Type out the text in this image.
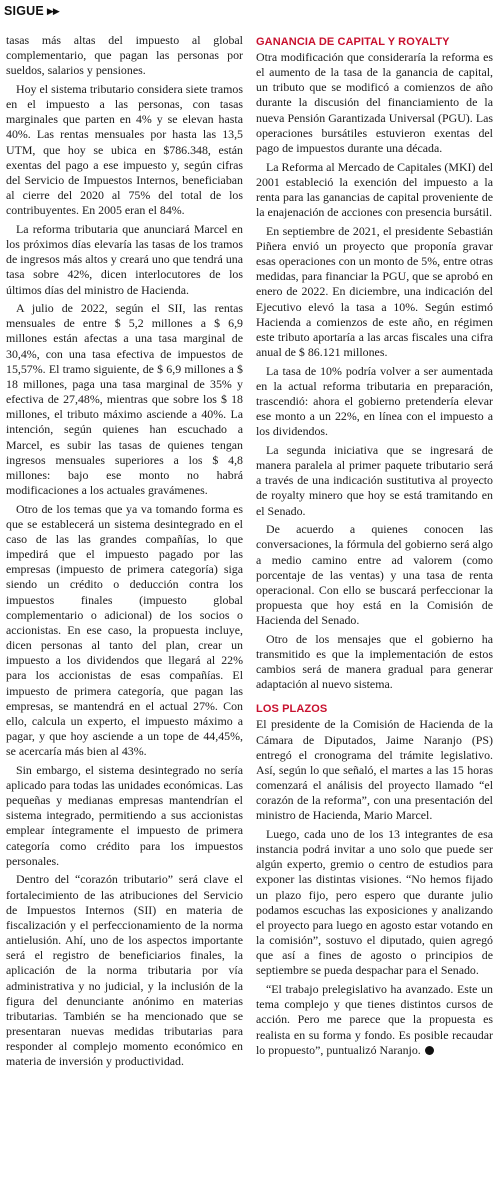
SIGUE ▶▶

tasas más altas del impuesto al global complementario, que pagan las personas por sueldos, salarios y pensiones.

Hoy el sistema tributario considera siete tramos en el impuesto a las personas, con tasas marginales que parten en 4% y se elevan hasta 40%. Las rentas mensuales por hasta las 13,5 UTM, que hoy se ubica en $786.348, están exentas del pago a ese impuesto y, según cifras del Servicio de Impuestos Internos, beneficiaban al cierre del 2020 al 75% del total de los contribuyentes. En 2005 eran el 84%.

La reforma tributaria que anunciará Marcel en los próximos días elevaría las tasas de los tramos de ingresos más altos y creará uno que tendrá una tasa sobre 42%, dicen interlocutores de los últimos días del ministro de Hacienda.

A julio de 2022, según el SII, las rentas mensuales de entre $ 5,2 millones a $ 6,9 millones están afectas a una tasa marginal de 30,4%, con una tasa efectiva de impuestos de 15,57%. El tramo siguiente, de $ 6,9 millones a $ 18 millones, paga una tasa marginal de 35% y efectiva de 27,48%, mientras que sobre los $ 18 millones, el tributo máximo asciende a 40%. La intención, según quienes han escuchado a Marcel, es subir las tasas de quienes tengan ingresos mensuales superiores a los $ 4,8 millones: bajo ese monto no habrá modificaciones a los actuales gravámenes.

Otro de los temas que ya va tomando forma es que se establecerá un sistema desintegrado en el caso de las las grandes compañías, lo que impedirá que el impuesto pagado por las empresas (impuesto de primera categoría) siga siendo un crédito o deducción contra los impuestos finales (impuesto global complementario o adicional) de los socios o accionistas. En ese caso, la propuesta incluye, dicen personas al tanto del plan, crear un impuesto a los dividendos que llegará al 22% para los accionistas de esas compañías. El impuesto de primera categoría, que pagan las empresas, se mantendrá en el actual 27%. Con ello, calcula un experto, el impuesto máximo a pagar, y que hoy asciende a un tope de 44,45%, se acercaría más bien al 43%.

Sin embargo, el sistema desintegrado no sería aplicado para todas las unidades económicas. Las pequeñas y medianas empresas mantendrían el sistema integrado, permitiendo a sus accionistas emplear íntegramente el impuesto de primera categoría como crédito para los impuestos personales.

Dentro del “corazón tributario” será clave el fortalecimiento de las atribuciones del Servicio de Impuestos Internos (SII) en materia de fiscalización y el perfeccionamiento de la norma antielusión. Ahí, uno de los aspectos importante será el registro de beneficiarios finales, la aplicación de la norma tributaria por vía administrativa y no judicial, y la inclusión de la figura del denunciante anónimo en materias tributarias. También se ha mencionado que se presentaran nuevas medidas tributarias para responder al complejo momento económico en materia de inversión y productividad.

GANANCIA DE CAPITAL Y ROYALTY

Otra modificación que consideraría la reforma es el aumento de la tasa de la ganancia de capital, un tributo que se modificó a comienzos de año durante la discusión del financiamiento de la nueva Pensión Garantizada Universal (PGU). Las operaciones bursátiles estuvieron exentas del pago de impuestos durante una década.

La Reforma al Mercado de Capitales (MKI) del 2001 estableció la exención del impuesto a la renta para las ganancias de capital proveniente de la enajenación de acciones con presencia bursátil.

En septiembre de 2021, el presidente Sebastián Piñera envió un proyecto que proponía gravar esas operaciones con un monto de 5%, entre otras medidas, para financiar la PGU, que se aprobó en enero de 2022. En diciembre, una indicación del Ejecutivo elevó la tasa a 10%. Según estimó Hacienda a comienzos de este año, en régimen este tributo aportaría a las arcas fiscales una cifra anual de $ 86.121 millones.

La tasa de 10% podría volver a ser aumentada en la actual reforma tributaria en preparación, trascendió: ahora el gobierno pretendería elevar ese monto a un 22%, en línea con el impuesto a los dividendos.

La segunda iniciativa que se ingresará de manera paralela al primer paquete tributario será a través de una indicación sustitutiva al proyecto de royalty minero que hoy se está tramitando en el Senado.

De acuerdo a quienes conocen las conversaciones, la fórmula del gobierno será algo a medio camino entre ad valorem (como porcentaje de las ventas) y una tasa de renta operacional. Con ello se buscará perfeccionar la propuesta que hoy está en la Comisión de Hacienda del Senado.

Otro de los mensajes que el gobierno ha transmitido es que la implementación de estos cambios será de manera gradual para generar adaptación al nuevo sistema.

LOS PLAZOS

El presidente de la Comisión de Hacienda de la Cámara de Diputados, Jaime Naranjo (PS) entregó el cronograma del trámite legislativo. Así, según lo que señaló, el martes a las 15 horas comenzará el análisis del proyecto llamado “el corazón de la reforma”, con una presentación del ministro de Hacienda, Mario Marcel.

Luego, cada uno de los 13 integrantes de esa instancia podrá invitar a uno solo que puede ser algún experto, gremio o centro de estudios para exponer las distintas visiones. “No hemos fijado un plazo fijo, pero espero que durante julio podamos escuchas las exposiciones y analizando el proyecto para luego en agosto estar votando en la comisión”, sostuvo el diputado, quien agregó que así a fines de agosto o principios de septiembre se pueda despachar para el Senado.

“El trabajo prelegislativo ha avanzado. Este un tema complejo y que tienes distintos cursos de acción. Pero me parece que la propuesta es realista en su forma y fondo. Es posible recaudar lo propuesto”, puntualizó Naranjo. P
